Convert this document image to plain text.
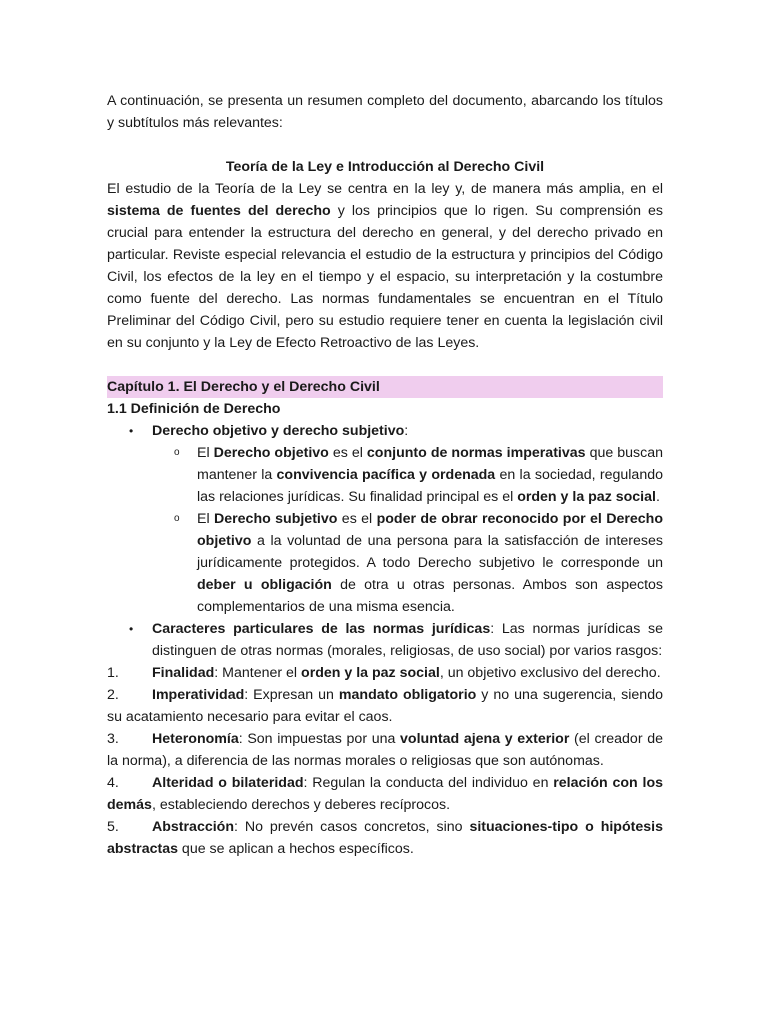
A continuación, se presenta un resumen completo del documento, abarcando los títulos y subtítulos más relevantes:

Teoría de la Ley e Introducción al Derecho Civil

El estudio de la Teoría de la Ley se centra en la ley y, de manera más amplia, en el sistema de fuentes del derecho y los principios que lo rigen. Su comprensión es crucial para entender la estructura del derecho en general, y del derecho privado en particular. Reviste especial relevancia el estudio de la estructura y principios del Código Civil, los efectos de la ley en el tiempo y el espacio, su interpretación y la costumbre como fuente del derecho. Las normas fundamentales se encuentran en el Título Preliminar del Código Civil, pero su estudio requiere tener en cuenta la legislación civil en su conjunto y la Ley de Efecto Retroactivo de las Leyes.

Capítulo 1. El Derecho y el Derecho Civil
1.1 Definición de Derecho
• Derecho objetivo y derecho subjetivo:
o El Derecho objetivo es el conjunto de normas imperativas que buscan mantener la convivencia pacífica y ordenada en la sociedad, regulando las relaciones jurídicas. Su finalidad principal es el orden y la paz social.
o El Derecho subjetivo es el poder de obrar reconocido por el Derecho objetivo a la voluntad de una persona para la satisfacción de intereses jurídicamente protegidos. A todo Derecho subjetivo le corresponde un deber u obligación de otra u otras personas. Ambos son aspectos complementarios de una misma esencia.
• Caracteres particulares de las normas jurídicas: Las normas jurídicas se distinguen de otras normas (morales, religiosas, de uso social) por varios rasgos:
1. Finalidad: Mantener el orden y la paz social, un objetivo exclusivo del derecho.
2. Imperatividad: Expresan un mandato obligatorio y no una sugerencia, siendo su acatamiento necesario para evitar el caos.
3. Heteronomía: Son impuestas por una voluntad ajena y exterior (el creador de la norma), a diferencia de las normas morales o religiosas que son autónomas.
4. Alteridad o bilateridad: Regulan la conducta del individuo en relación con los demás, estableciendo derechos y deberes recíprocos.
5. Abstracción: No prevén casos concretos, sino situaciones-tipo o hipótesis abstractas que se aplican a hechos específicos.
